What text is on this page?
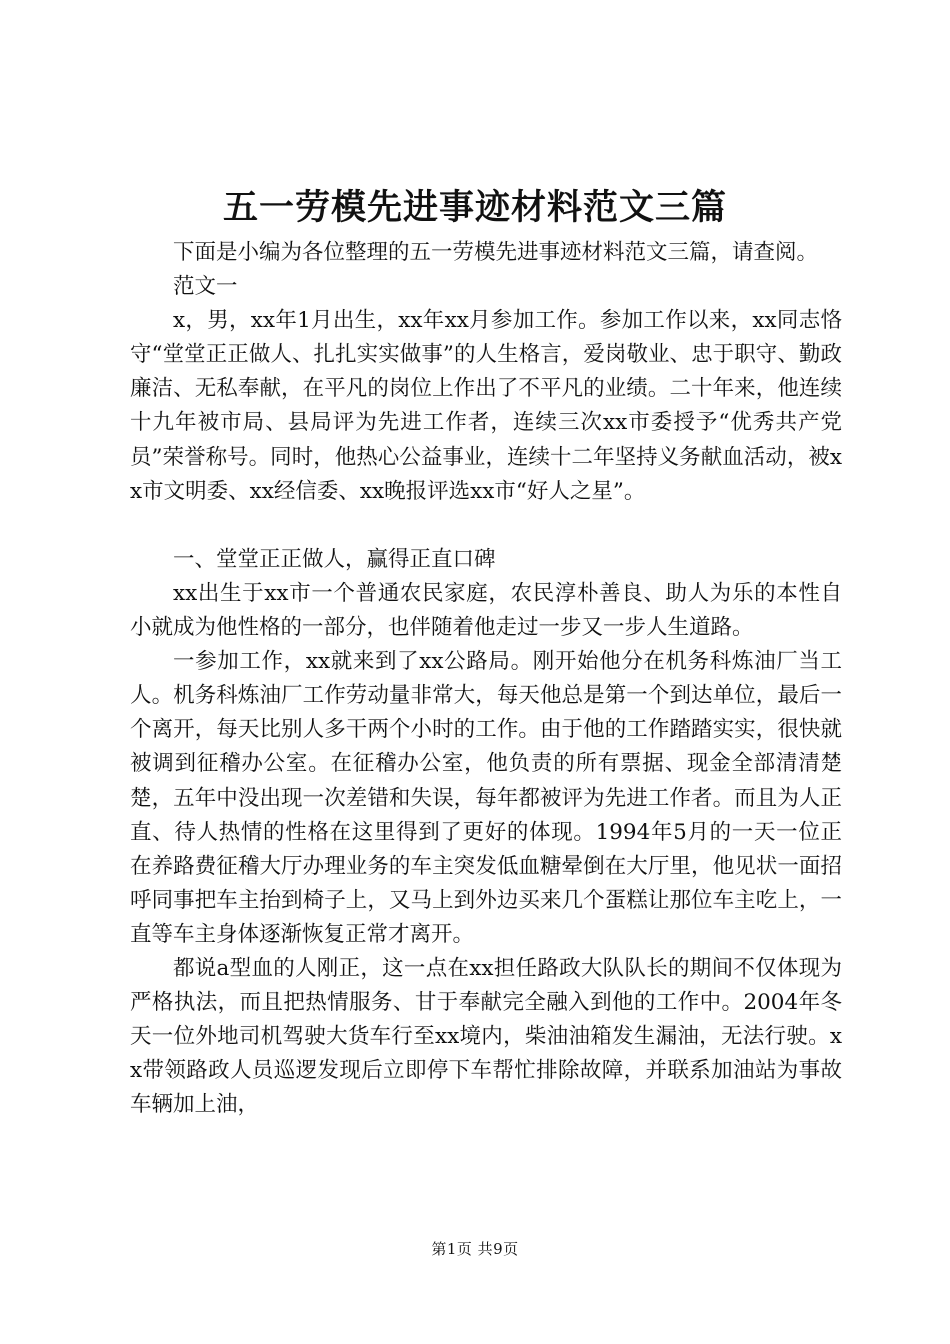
五一劳模先进事迹材料范文三篇

下面是小编为各位整理的五一劳模先进事迹材料范文三篇，请查阅。

范文一

x，男，xx年1月出生，xx年xx月参加工作。参加工作以来，xx同志恪守“堂堂正正做人、扎扎实实做事”的人生格言，爱岗敬业、忠于职守、勤政廉洁、无私奉献，在平凡的岗位上作出了不平凡的业绩。二十年来，他连续十九年被市局、县局评为先进工作者，连续三次xx市委授予“优秀共产党员”荣誉称号。同时，他热心公益事业，连续十二年坚持义务献血活动，被xx市文明委、xx经信委、xx晚报评选xx市“好人之星”。

一、堂堂正正做人，赢得正直口碑

xx出生于xx市一个普通农民家庭，农民淳朴善良、助人为乐的本性自小就成为他性格的一部分，也伴随着他走过一步又一步人生道路。

一参加工作，xx就来到了xx公路局。刚开始他分在机务科炼油厂当工人。机务科炼油厂工作劳动量非常大，每天他总是第一个到达单位，最后一个离开，每天比别人多干两个小时的工作。由于他的工作踏踏实实，很快就被调到征稽办公室。在征稽办公室，他负责的所有票据、现金全部清清楚楚，五年中没出现一次差错和失误，每年都被评为先进工作者。而且为人正直、待人热情的性格在这里得到了更好的体现。1994年5月的一天一位正在养路费征稽大厅办理业务的车主突发低血糖晕倒在大厅里，他见状一面招呼同事把车主抬到椅子上，又马上到外边买来几个蛋糕让那位车主吃上，一直等车主身体逐渐恢复正常才离开。

都说a型血的人刚正，这一点在xx担任路政大队队长的期间不仅体现为严格执法，而且把热情服务、甘于奉献完全融入到他的工作中。2004年冬天一位外地司机驾驶大货车行至xx境内，柴油油箱发生漏油，无法行驶。xx带领路政人员巡逻发现后立即停下车帮忙排除故障，并联系加油站为事故车辆加上油，

第1页 共9页
